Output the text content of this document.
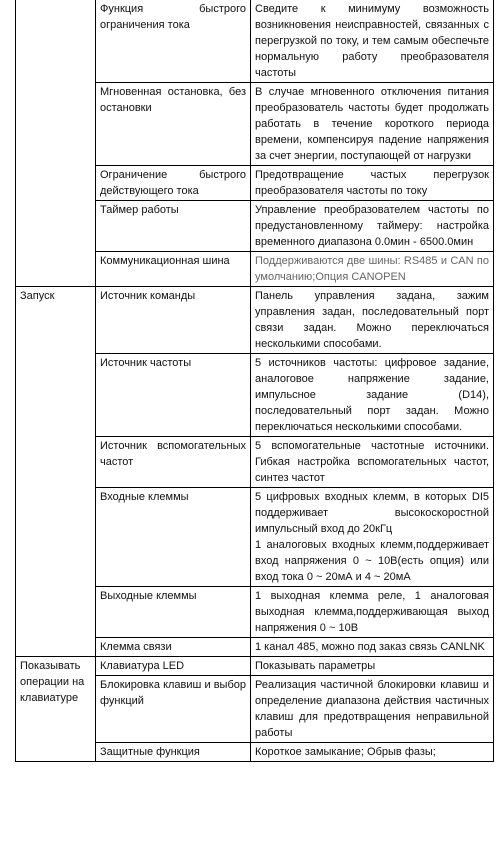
	Функция быстрого ограничения тока	Сведите к минимуму возможность возникновения неисправностей, связанных с перегрузкой по току, и тем самым обеспечьте нормальную работу преобразователя частоты

	Мгновенная остановка, без остановки	В случае мгновенного отключения питания преобразователь частоты будет продолжать работать в течение короткого периода времени, компенсируя падение напряжения за счет энергии, поступающей от нагрузки

	Ограничение быстрого действующего тока	Предотвращение частых перегрузок преобразователя частоты по току

	Таймер работы	Управление преобразователем частоты по предустановленному таймеру: настройка временного диапазона 0.0мин - 6500.0мин

	Коммуникационная шина	Поддерживаются две шины: RS485 и CAN по умолчанию;Опция CANOPEN

Запуск	Источник команды	Панель управления задана, зажим управления задан, последовательный порт связи задан. Можно переключаться несколькими способами.

	Источник частоты	5 источников частоты: цифровое задание, аналоговое напряжение задание, импульсное задание (D14), последовательный порт задан. Можно переключаться несколькими способами.

	Источник вспомогательных частот	5 вспомогательные частотные источники. Гибкая настройка вспомогательных частот, синтез частот

	Входные клеммы	5 цифровых входных клемм, в которых DI5 поддерживает высокоскоростной импульсный вход до 20кГц
1 аналоговых входных клемм,поддерживает вход напряжения 0 ~ 10В(есть опция) или вход тока 0 ~ 20мА и 4 ~ 20мА

	Выходные клеммы	1 выходная клемма реле, 1 аналоговая выходная клемма,поддерживающая выход напряжения 0 ~ 10В

	Клемма связи	1 канал 485, можно под заказ связь CANLNK

Показывать операции на клавиатуре	Клавиатура LED	Показывать параметры

	Блокировка клавиш и выбор функций	Реализация частичной блокировки клавиш и определение диапазона действия частичных клавиш для предотвращения неправильной работы

	Защитные функция	Короткое замыкание; Обрыв фазы;
